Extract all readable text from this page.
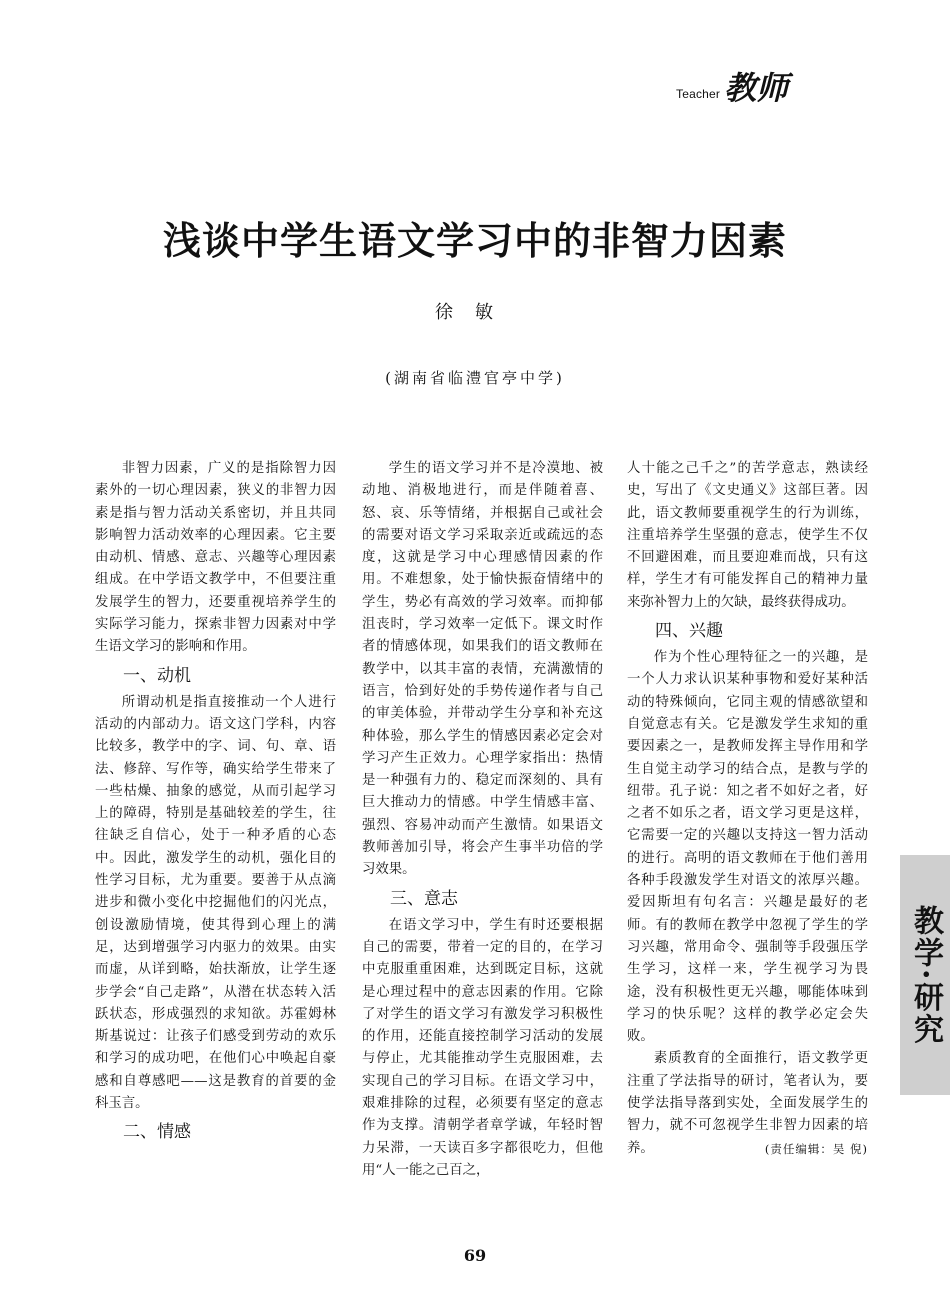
Teacher 教师
浅谈中学生语文学习中的非智力因素
徐敏
(湖南省临澧官亭中学)

非智力因素，广义的是指除智力因素外的一切心理因素，狭义的非智力因素是指与智力活动关系密切，并且共同影响智力活动效率的心理因素。它主要由动机、情感、意志、兴趣等心理因素组成。在中学语文教学中，不但要注重发展学生的智力，还要重视培养学生的实际学习能力，探索非智力因素对中学生语文学习的影响和作用。

一、动机

所谓动机是指直接推动一个人进行活动的内部动力。语文这门学科，内容比较多，教学中的字、词、句、章、语法、修辞、写作等，确实给学生带来了一些枯燥、抽象的感觉，从而引起学习上的障碍，特别是基础较差的学生，往往缺乏自信心，处于一种矛盾的心态中。因此，激发学生的动机，强化目的性学习目标，尤为重要。要善于从点滴进步和微小变化中挖掘他们的闪光点，创设激励情境，使其得到心理上的满足，达到增强学习内驱力的效果。由实而虚，从详到略，始扶渐放，让学生逐步学会“自己走路”，从潜在状态转入活跃状态，形成强烈的求知欲。苏霍姆林斯基说过：让孩子们感受到劳动的欢乐和学习的成功吧，在他们心中唤起自豪感和自尊感吧——这是教育的首要的金科玉言。

二、情感

学生的语文学习并不是冷漠地、被动地、消极地进行，而是伴随着喜、怒、哀、乐等情绪，并根据自己或社会的需要对语文学习采取亲近或疏远的态度，这就是学习中心理感情因素的作用。不难想象，处于愉快振奋情绪中的学生，势必有高效的学习效率。而抑郁沮丧时，学习效率一定低下。课文时作者的情感体现，如果我们的语文教师在教学中，以其丰富的表情，充满激情的语言，恰到好处的手势传递作者与自己的审美体验，并带动学生分享和补充这种体验，那么学生的情感因素必定会对学习产生正效力。心理学家指出：热情是一种强有力的、稳定而深刻的、具有巨大推动力的情感。中学生情感丰富、强烈、容易冲动而产生激情。如果语文教师善加引导，将会产生事半功倍的学习效果。

三、意志

在语文学习中，学生有时还要根据自己的需要，带着一定的目的，在学习中克服重重困难，达到既定目标，这就是心理过程中的意志因素的作用。它除了对学生的语文学习有激发学习积极性的作用，还能直接控制学习活动的发展与停止，尤其能推动学生克服困难，去实现自己的学习目标。在语文学习中，艰难排除的过程，必须要有坚定的意志作为支撑。清朝学者章学诚，年轻时智力呆滞，一天读百多字都很吃力，但他用“人一能之己百之，

人十能之己千之”的苦学意志，熟读经史，写出了《文史通义》这部巨著。因此，语文教师要重视学生的行为训练，注重培养学生坚强的意志，使学生不仅不回避困难，而且要迎难而战，只有这样，学生才有可能发挥自己的精神力量来弥补智力上的欠缺，最终获得成功。

四、兴趣

作为个性心理特征之一的兴趣，是一个人力求认识某种事物和爱好某种活动的特殊倾向，它同主观的情感欲望和自觉意志有关。它是激发学生求知的重要因素之一，是教师发挥主导作用和学生自觉主动学习的结合点，是教与学的纽带。孔子说：知之者不如好之者，好之者不如乐之者，语文学习更是这样，它需要一定的兴趣以支持这一智力活动的进行。高明的语文教师在于他们善用各种手段激发学生对语文的浓厚兴趣。爱因斯坦有句名言：兴趣是最好的老师。有的教师在教学中忽视了学生的学习兴趣，常用命令、强制等手段强压学生学习，这样一来，学生视学习为畏途，没有积极性更无兴趣，哪能体味到学习的快乐呢？这样的教学必定会失败。

素质教育的全面推行，语文教学更注重了学法指导的研讨，笔者认为，要使学法指导落到实处，全面发展学生的智力，就不可忽视学生非智力因素的培养。	(责任编辑：吴 倪)

教学·研究
69
